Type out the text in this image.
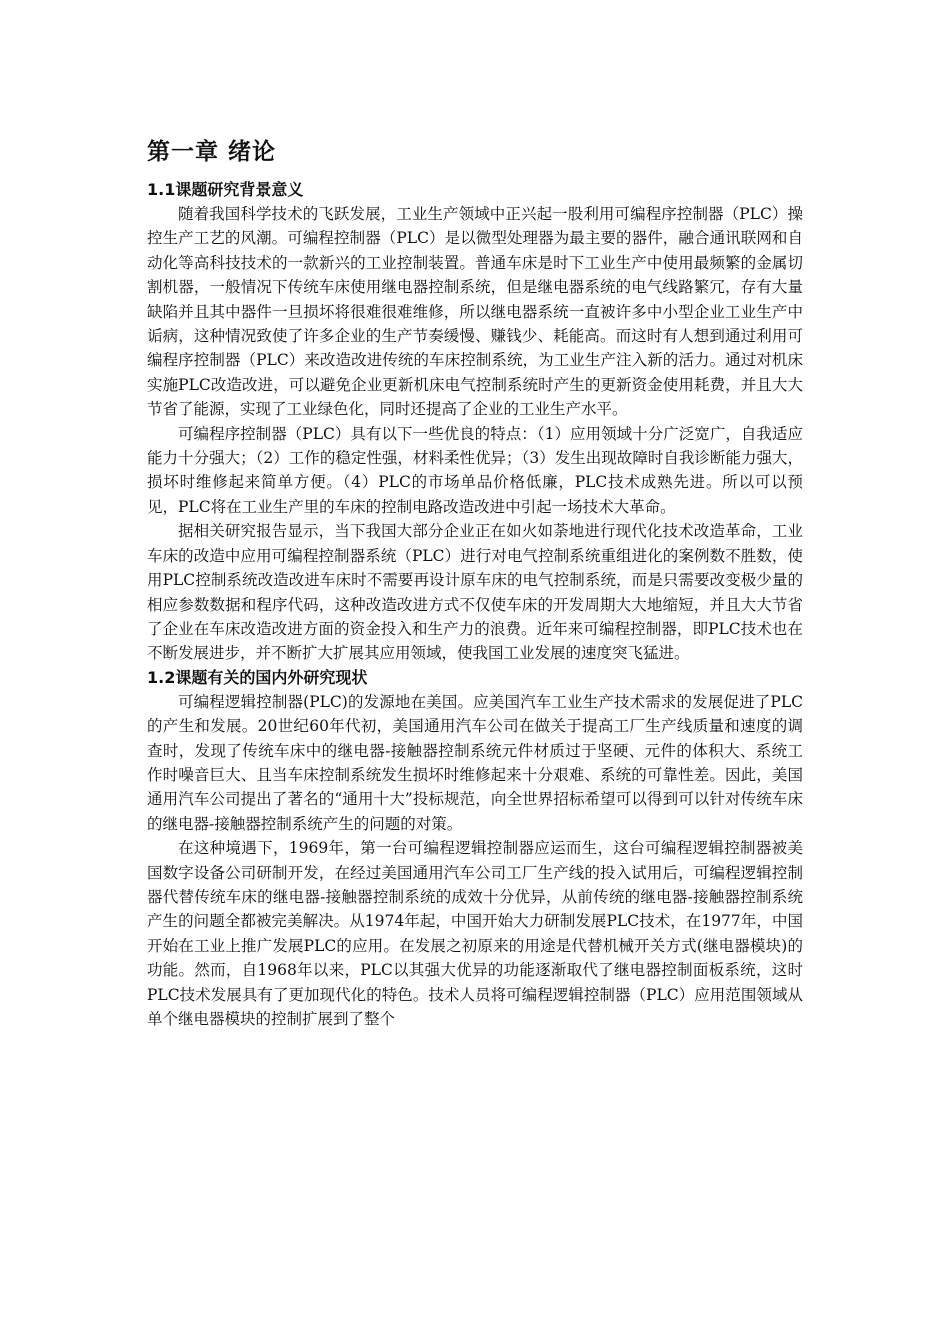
第一章 绪论
1.1课题研究背景意义

随着我国科学技术的飞跃发展，工业生产领域中正兴起一股利用可编程序控制器（PLC）操控生产工艺的风潮。可编程控制器（PLC）是以微型处理器为最主要的器件，融合通讯联网和自动化等高科技技术的一款新兴的工业控制装置。普通车床是时下工业生产中使用最频繁的金属切割机器，一般情况下传统车床使用继电器控制系统，但是继电器系统的电气线路繁冗，存有大量缺陷并且其中器件一旦损坏将很难很难维修，所以继电器系统一直被许多中小型企业工业生产中诟病，这种情况致使了许多企业的生产节奏缓慢、赚钱少、耗能高。而这时有人想到通过利用可编程序控制器（PLC）来改造改进传统的车床控制系统，为工业生产注入新的活力。通过对机床实施PLC改造改进，可以避免企业更新机床电气控制系统时产生的更新资金使用耗费，并且大大节省了能源，实现了工业绿色化，同时还提高了企业的工业生产水平。

可编程序控制器（PLC）具有以下一些优良的特点：（1）应用领域十分广泛宽广，自我适应能力十分强大；（2）工作的稳定性强，材料柔性优异；（3）发生出现故障时自我诊断能力强大，损坏时维修起来简单方便。（4）PLC的市场单品价格低廉，PLC技术成熟先进。所以可以预见，PLC将在工业生产里的车床的控制电路改造改进中引起一场技术大革命。

据相关研究报告显示，当下我国大部分企业正在如火如荼地进行现代化技术改造革命，工业车床的改造中应用可编程控制器系统（PLC）进行对电气控制系统重组进化的案例数不胜数，使用PLC控制系统改造改进车床时不需要再设计原车床的电气控制系统，而是只需要改变极少量的相应参数数据和程序代码，这种改造改进方式不仅使车床的开发周期大大地缩短，并且大大节省了企业在车床改造改进方面的资金投入和生产力的浪费。近年来可编程控制器，即PLC技术也在不断发展进步，并不断扩大扩展其应用领域，使我国工业发展的速度突飞猛进。

1.2课题有关的国内外研究现状

可编程逻辑控制器(PLC)的发源地在美国。应美国汽车工业生产技术需求的发展促进了PLC的产生和发展。20世纪60年代初，美国通用汽车公司在做关于提高工厂生产线质量和速度的调查时，发现了传统车床中的继电器-接触器控制系统元件材质过于坚硬、元件的体积大、系统工作时噪音巨大、且当车床控制系统发生损坏时维修起来十分艰难、系统的可靠性差。因此，美国通用汽车公司提出了著名的“通用十大”投标规范，向全世界招标希望可以得到可以针对传统车床的继电器-接触器控制系统产生的问题的对策。

在这种境遇下，1969年，第一台可编程逻辑控制器应运而生，这台可编程逻辑控制器被美国数字设备公司研制开发，在经过美国通用汽车公司工厂生产线的投入试用后，可编程逻辑控制器代替传统车床的继电器-接触器控制系统的成效十分优异，从前传统的继电器-接触器控制系统产生的问题全都被完美解决。从1974年起，中国开始大力研制发展PLC技术，在1977年，中国开始在工业上推广发展PLC的应用。在发展之初原来的用途是代替机械开关方式(继电器模块)的功能。然而，自1968年以来，PLC以其强大优异的功能逐渐取代了继电器控制面板系统，这时PLC技术发展具有了更加现代化的特色。技术人员将可编程逻辑控制器（PLC）应用范围领域从单个继电器模块的控制扩展到了整个
